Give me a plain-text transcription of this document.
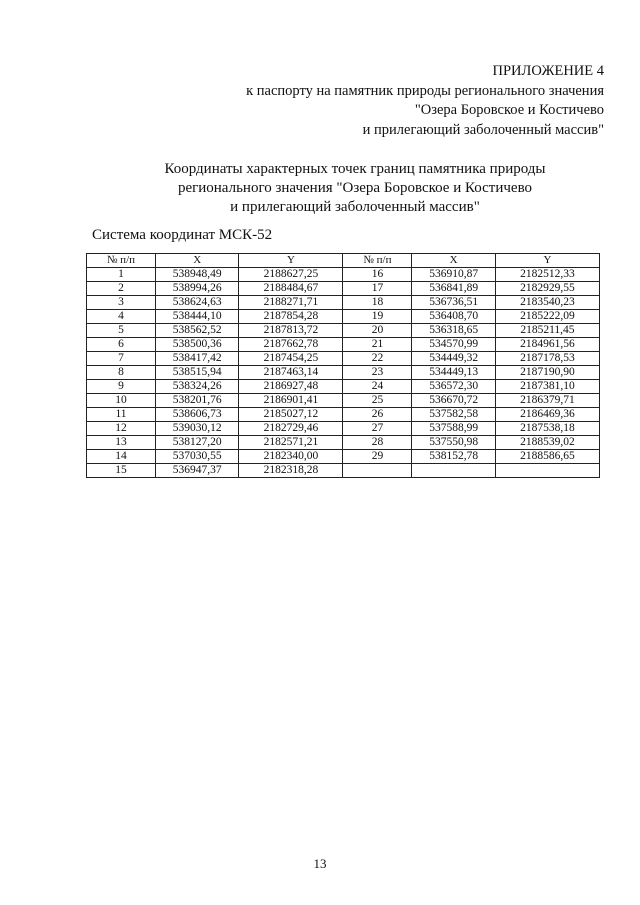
ПРИЛОЖЕНИЕ 4
к паспорту на памятник природы регионального значения
"Озера Боровское и Костичево
и прилегающий заболоченный массив"
Координаты характерных точек границ памятника природы
регионального значения "Озера Боровское и Костичево
и прилегающий заболоченный массив"
Система координат МСК-52
№ п/п	X	Y	№ п/п	X	Y
1	538948,49	2188627,25	16	536910,87	2182512,33
2	538994,26	2188484,67	17	536841,89	2182929,55
3	538624,63	2188271,71	18	536736,51	2183540,23
4	538444,10	2187854,28	19	536408,70	2185222,09
5	538562,52	2187813,72	20	536318,65	2185211,45
6	538500,36	2187662,78	21	534570,99	2184961,56
7	538417,42	2187454,25	22	534449,32	2187178,53
8	538515,94	2187463,14	23	534449,13	2187190,90
9	538324,26	2186927,48	24	536572,30	2187381,10
10	538201,76	2186901,41	25	536670,72	2186379,71
11	538606,73	2185027,12	26	537582,58	2186469,36
12	539030,12	2182729,46	27	537588,99	2187538,18
13	538127,20	2182571,21	28	537550,98	2188539,02
14	537030,55	2182340,00	29	538152,78	2188586,65
15	536947,37	2182318,28			
13
